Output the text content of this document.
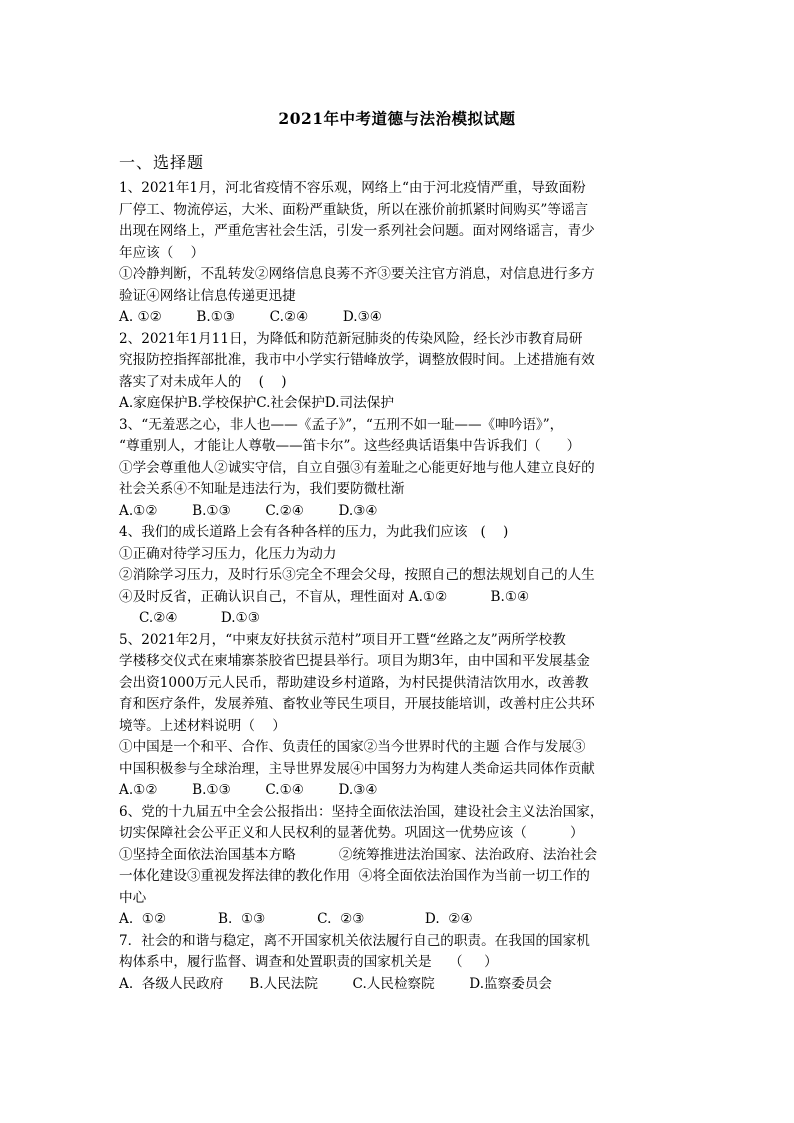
2021年中考道德与法治模拟试题
一、选择题
1、2021年1月，河北省疫情不容乐观，网络上“由于河北疫情严重，导致面粉
厂停工、物流停运，大米、面粉严重缺货，所以在涨价前抓紧时间购买”等谣言
出现在网络上，严重危害社会生活，引发一系列社会问题。面对网络谣言，青少
年应该（    ）
①冷静判断，不乱转发②网络信息良莠不齐③要关注官方消息，对信息进行多方
验证④网络让信息传递更迅捷
A. ①②        B.①③        C.②④        D.③④
2、2021年1月11日，为降低和防范新冠肺炎的传染风险，经长沙市教育局研
究报防控指挥部批准，我市中小学实行错峰放学，调整放假时间。上述措施有效
落实了对未成年人的    (    )
A.家庭保护B.学校保护C.社会保护D.司法保护
3、“无羞恶之心，非人也——《孟子》”，“五刑不如一耻——《呻吟语》”，
“尊重别人，才能让人尊敬——笛卡尔”。这些经典话语集中告诉我们（      ）
①学会尊重他人②诚实守信，自立自强③有羞耻之心能更好地与他人建立良好的
社会关系④不知耻是违法行为，我们要防微杜渐
A.①②        B.①③        C.②④        D.③④
4、我们的成长道路上会有各种各样的压力，为此我们应该   (    )
①正确对待学习压力，化压力为动力
②消除学习压力，及时行乐③完全不理会父母，按照自己的想法规划自己的人生
④及时反省，正确认识自己，不盲从，理性面对 A.①②          B.①④
C.②④          D.①③
5、2021年2月，“中柬友好扶贫示范村”项目开工暨“丝路之友”两所学校教
学楼移交仪式在柬埔寨茶胶省巴提县举行。项目为期3年，由中国和平发展基金
会出资1000万元人民币，帮助建设乡村道路，为村民提供清洁饮用水，改善教
育和医疗条件，发展养殖、畜牧业等民生项目，开展技能培训，改善村庄公共环
境等。上述材料说明（    ）
①中国是一个和平、合作、负责任的国家②当今世界时代的主题 合作与发展③
中国积极参与全球治理，主导世界发展④中国努力为构建人类命运共同体作贡献
A.①②        B.①③        C.①④        D.③④
6、党的十九届五中全会公报指出：坚持全面依法治国，建设社会主义法治国家，
切实保障社会公平正义和人民权利的显著优势。巩固这一优势应该（          ）
①坚持全面依法治国基本方略          ②统筹推进法治国家、法治政府、法治社会
一体化建设③重视发挥法律的教化作用  ④将全面依法治国作为当前一切工作的
中心
A.  ①②            B.  ①③            C.  ②③              D.  ②④
7．社会的和谐与稳定，离不开国家机关依法履行自己的职责。在我国的国家机
构体系中，履行监督、调查和处置职责的国家机关是    （     ）
A.  各级人民政府      B.人民法院        C.人民检察院        D.监察委员会
